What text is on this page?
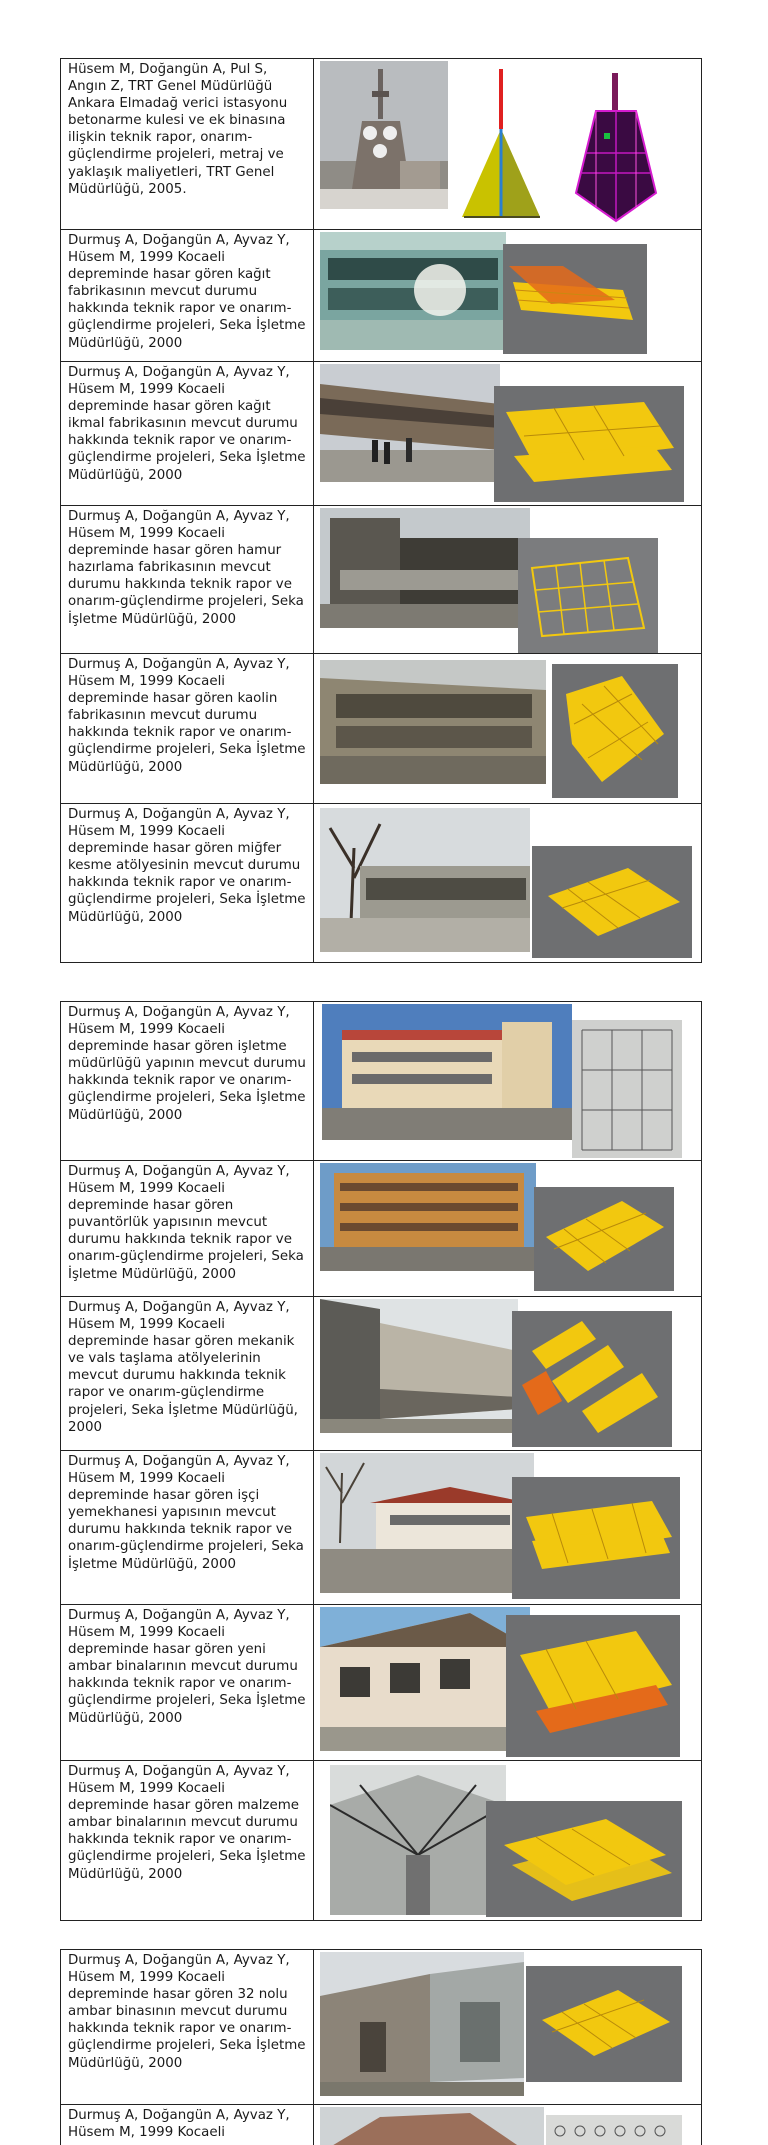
Hüsem M, Doğangün A, Pul S, Angın Z, TRT Genel Müdürlüğü Ankara Elmadağ verici istasyonu betonarme kulesi ve ek binasına ilişkin teknik rapor, onarım-güçlendirme projeleri, metraj ve yaklaşık maliyetleri, TRT Genel Müdürlüğü, 2005.
Durmuş A, Doğangün A, Ayvaz Y, Hüsem M, 1999 Kocaeli depreminde hasar gören kağıt fabrikasının mevcut durumu hakkında teknik rapor ve onarım-güçlendirme projeleri, Seka İşletme Müdürlüğü, 2000
Durmuş A, Doğangün A, Ayvaz Y, Hüsem M, 1999 Kocaeli depreminde hasar gören kağıt ikmal fabrikasının mevcut durumu hakkında teknik rapor ve onarım-güçlendirme projeleri, Seka İşletme Müdürlüğü, 2000
Durmuş A, Doğangün A, Ayvaz Y, Hüsem M, 1999 Kocaeli depreminde hasar gören hamur hazırlama fabrikasının mevcut durumu hakkında teknik rapor ve onarım-güçlendirme projeleri, Seka İşletme Müdürlüğü, 2000
Durmuş A, Doğangün A, Ayvaz Y, Hüsem M, 1999 Kocaeli depreminde hasar gören kaolin fabrikasının mevcut durumu hakkında teknik rapor ve onarım-güçlendirme projeleri, Seka İşletme Müdürlüğü, 2000
Durmuş A, Doğangün A, Ayvaz Y, Hüsem M, 1999 Kocaeli depreminde hasar gören miğfer kesme atölyesinin mevcut durumu hakkında teknik rapor ve onarım-güçlendirme projeleri, Seka İşletme Müdürlüğü, 2000
Durmuş A, Doğangün A, Ayvaz Y, Hüsem M, 1999 Kocaeli depreminde hasar gören işletme müdürlüğü yapının mevcut durumu hakkında teknik rapor ve onarım-güçlendirme projeleri, Seka İşletme Müdürlüğü, 2000
Durmuş A, Doğangün A, Ayvaz Y, Hüsem M, 1999 Kocaeli depreminde hasar gören puvantörlük yapısının mevcut durumu hakkında teknik rapor ve onarım-güçlendirme projeleri, Seka İşletme Müdürlüğü, 2000
Durmuş A, Doğangün A, Ayvaz Y, Hüsem M, 1999 Kocaeli depreminde hasar gören mekanik ve vals taşlama atölyelerinin mevcut durumu hakkında teknik rapor ve onarım-güçlendirme projeleri, Seka İşletme Müdürlüğü, 2000
Durmuş A, Doğangün A, Ayvaz Y, Hüsem M, 1999 Kocaeli depreminde hasar gören işçi yemekhanesi yapısının mevcut durumu hakkında teknik rapor ve onarım-güçlendirme projeleri, Seka İşletme Müdürlüğü, 2000
Durmuş A, Doğangün A, Ayvaz Y, Hüsem M, 1999 Kocaeli depreminde hasar gören yeni ambar binalarının mevcut durumu hakkında teknik rapor ve onarım-güçlendirme projeleri, Seka İşletme Müdürlüğü, 2000
Durmuş A, Doğangün A, Ayvaz Y, Hüsem M, 1999 Kocaeli depreminde hasar gören malzeme ambar binalarının mevcut durumu hakkında teknik rapor ve onarım-güçlendirme projeleri, Seka İşletme Müdürlüğü, 2000
Durmuş A, Doğangün A, Ayvaz Y, Hüsem M, 1999 Kocaeli depreminde hasar gören 32 nolu ambar binasının mevcut durumu hakkında teknik rapor ve onarım-güçlendirme projeleri, Seka İşletme Müdürlüğü, 2000
Durmuş A, Doğangün A, Ayvaz Y, Hüsem M, 1999 Kocaeli
